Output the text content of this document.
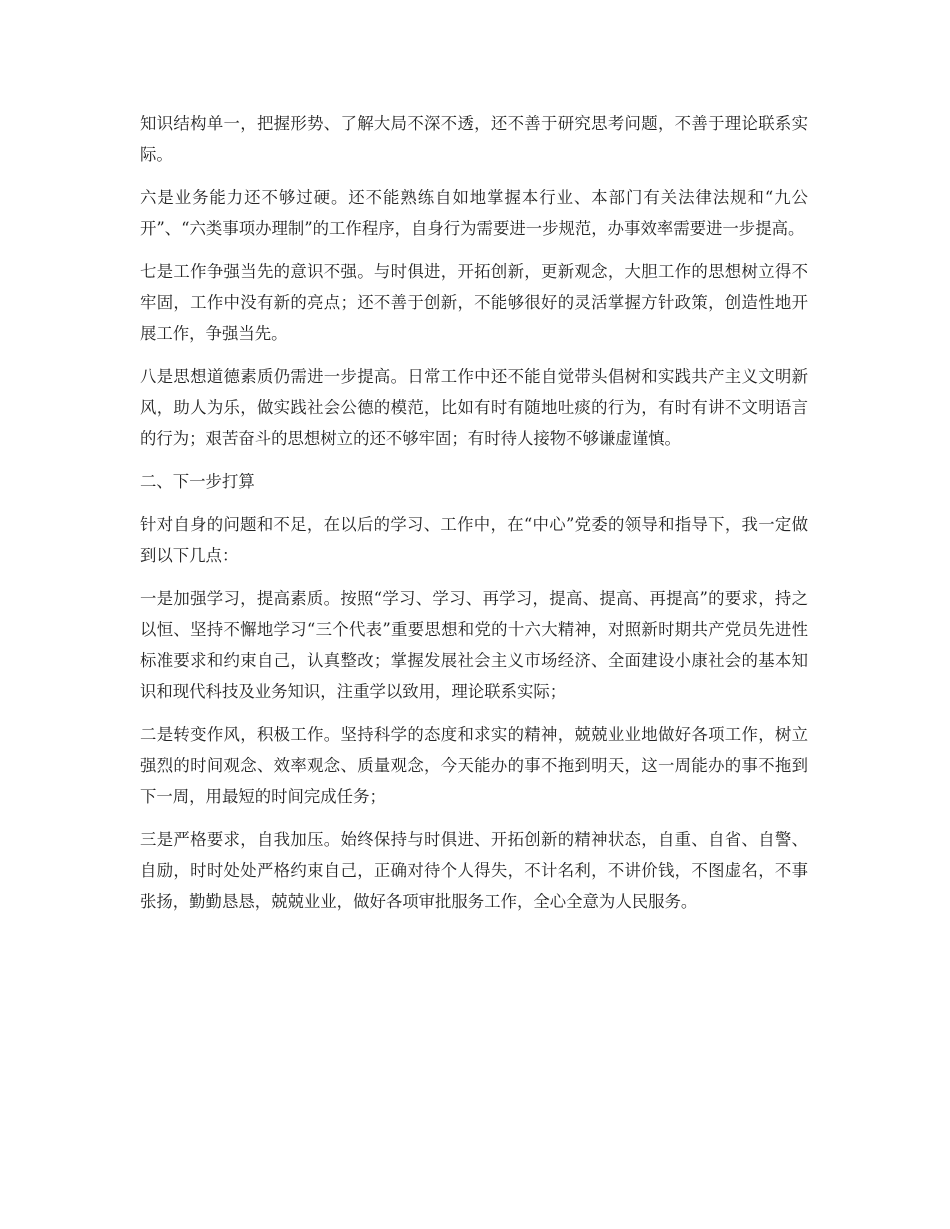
知识结构单一，把握形势、了解大局不深不透，还不善于研究思考问题，不善于理论联系实际。

六是业务能力还不够过硬。还不能熟练自如地掌握本行业、本部门有关法律法规和“九公开”、“六类事项办理制”的工作程序，自身行为需要进一步规范，办事效率需要进一步提高。

七是工作争强当先的意识不强。与时俱进，开拓创新，更新观念，大胆工作的思想树立得不牢固，工作中没有新的亮点；还不善于创新，不能够很好的灵活掌握方针政策，创造性地开展工作，争强当先。

八是思想道德素质仍需进一步提高。日常工作中还不能自觉带头倡树和实践共产主义文明新风，助人为乐，做实践社会公德的模范，比如有时有随地吐痰的行为，有时有讲不文明语言的行为；艰苦奋斗的思想树立的还不够牢固；有时待人接物不够谦虚谨慎。

二、下一步打算

针对自身的问题和不足，在以后的学习、工作中，在“中心”党委的领导和指导下，我一定做到以下几点：

一是加强学习，提高素质。按照“学习、学习、再学习，提高、提高、再提高”的要求，持之以恒、坚持不懈地学习“三个代表”重要思想和党的十六大精神，对照新时期共产党员先进性标准要求和约束自己，认真整改；掌握发展社会主义市场经济、全面建设小康社会的基本知识和现代科技及业务知识，注重学以致用，理论联系实际；

二是转变作风，积极工作。坚持科学的态度和求实的精神，兢兢业业地做好各项工作，树立强烈的时间观念、效率观念、质量观念，今天能办的事不拖到明天，这一周能办的事不拖到下一周，用最短的时间完成任务；

三是严格要求，自我加压。始终保持与时俱进、开拓创新的精神状态，自重、自省、自警、自励，时时处处严格约束自己，正确对待个人得失，不计名利，不讲价钱，不图虚名，不事张扬，勤勤恳恳，兢兢业业，做好各项审批服务工作，全心全意为人民服务。
